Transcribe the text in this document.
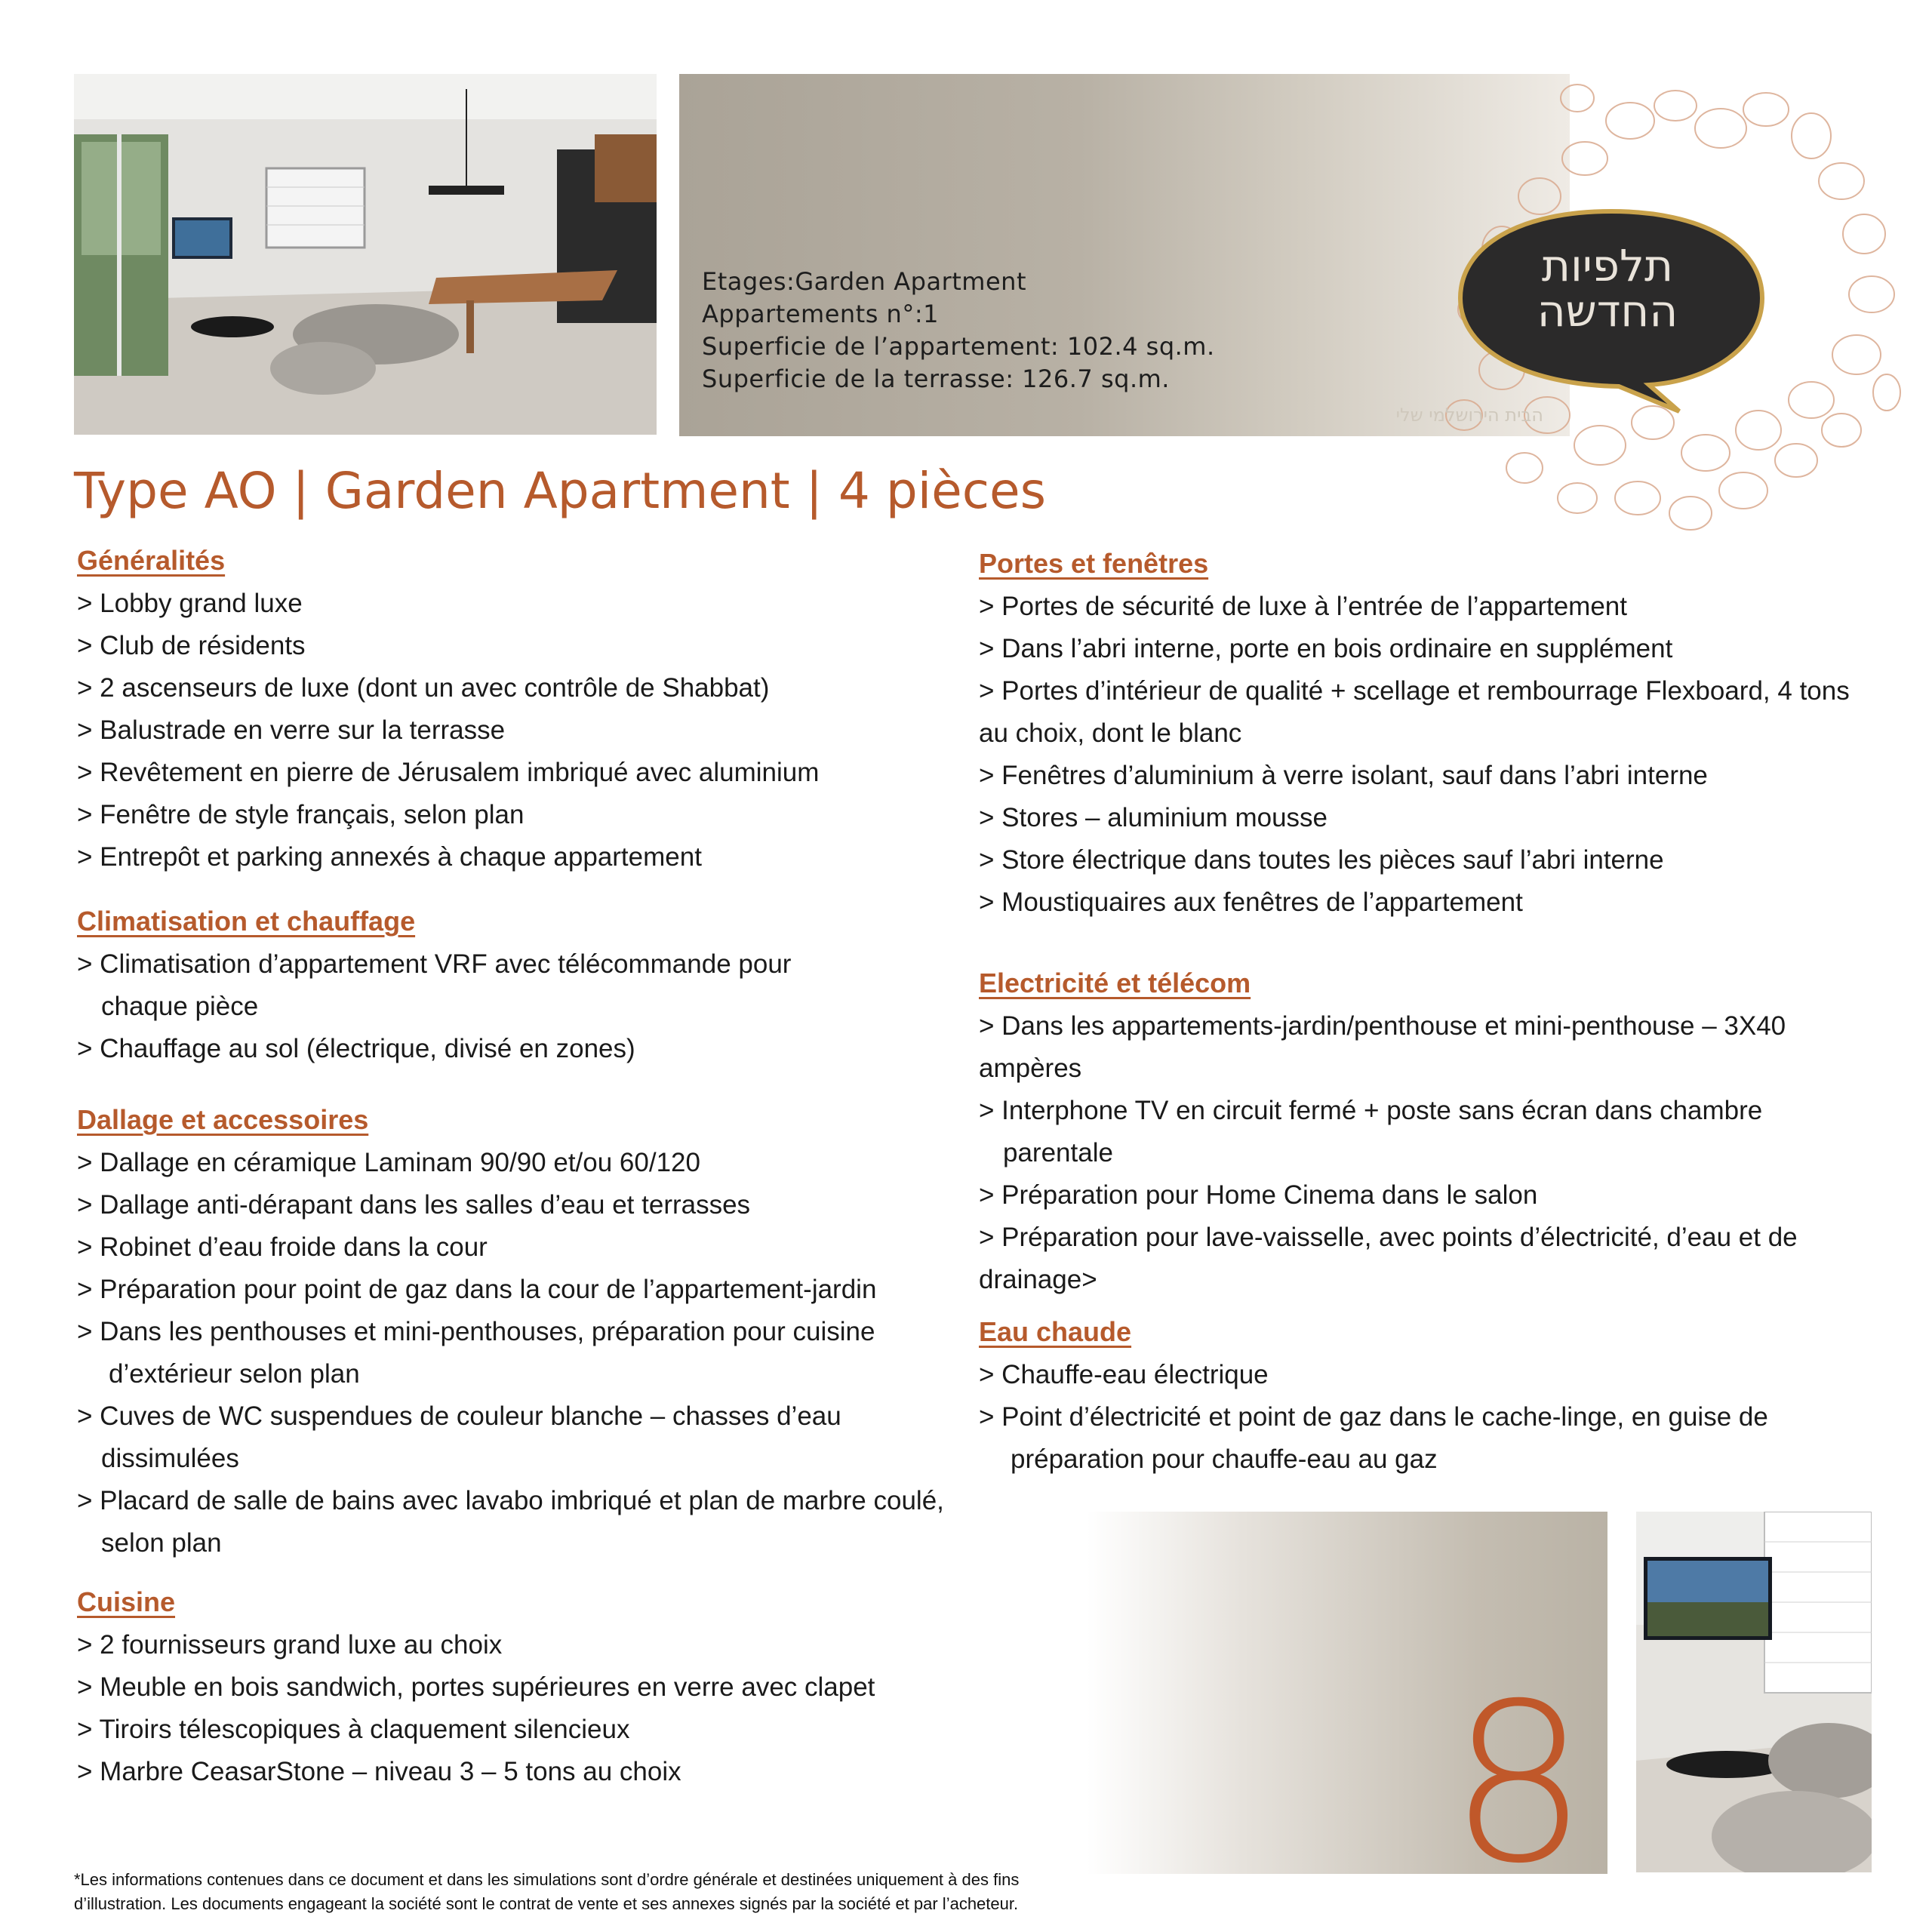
Etages:Garden Apartment
Appartements n°:1
Superficie de l’appartement: 102.4 sq.m.
Superficie de la terrasse: 126.7 sq.m.
תלפיות
החדשה
הבית הירושלמי שלי
Type AO | Garden Apartment | 4 pièces
Généralités
> Lobby grand luxe
> Club de résidents
> 2 ascenseurs de luxe (dont un avec contrôle de Shabbat)
> Balustrade en verre sur la terrasse
> Revêtement en pierre de Jérusalem imbriqué avec aluminium
> Fenêtre de style français, selon plan
> Entrepôt et parking annexés à chaque appartement
Climatisation et chauffage
> Climatisation d’appartement VRF avec télécommande pour
chaque pièce
> Chauffage au sol (électrique, divisé en zones)
Dallage et accessoires
> Dallage en céramique Laminam 90/90 et/ou 60/120
> Dallage anti-dérapant dans les salles d’eau et terrasses
> Robinet d’eau froide dans la cour
> Préparation pour point de gaz dans la cour de l’appartement-jardin
> Dans les penthouses et mini-penthouses, préparation pour cuisine
d’extérieur selon plan
> Cuves de WC suspendues de couleur blanche – chasses d’eau
dissimulées
> Placard de salle de bains avec lavabo imbriqué et plan de marbre coulé,
selon plan
Cuisine
> 2 fournisseurs grand luxe au choix
> Meuble en bois sandwich, portes supérieures en verre avec clapet
> Tiroirs télescopiques à claquement silencieux
> Marbre CeasarStone – niveau 3 – 5 tons au choix
Portes et fenêtres
> Portes de sécurité de luxe à l’entrée de l’appartement
> Dans l’abri interne, porte en bois ordinaire en supplément
> Portes d’intérieur de qualité + scellage et rembourrage Flexboard, 4 tons
au choix, dont le blanc
> Fenêtres d’aluminium à verre isolant, sauf dans l’abri interne
> Stores – aluminium mousse
> Store électrique dans toutes les pièces sauf l’abri interne
> Moustiquaires aux fenêtres de l’appartement
Electricité et télécom
> Dans les appartements-jardin/penthouse et mini-penthouse – 3X40
ampères
> Interphone TV en circuit fermé + poste sans écran dans chambre
parentale
> Préparation pour Home Cinema dans le salon
> Préparation pour lave-vaisselle, avec points d’électricité, d’eau et de
drainage>
Eau chaude
> Chauffe-eau électrique
> Point d’électricité et point de gaz dans le cache-linge, en guise de
préparation pour chauffe-eau au gaz
8
*Les informations contenues dans ce document et dans les simulations sont d’ordre générale et destinées uniquement à des fins d’illustration. Les documents engageant la société sont le contrat de vente et ses annexes signés par la société et par l’acheteur.
